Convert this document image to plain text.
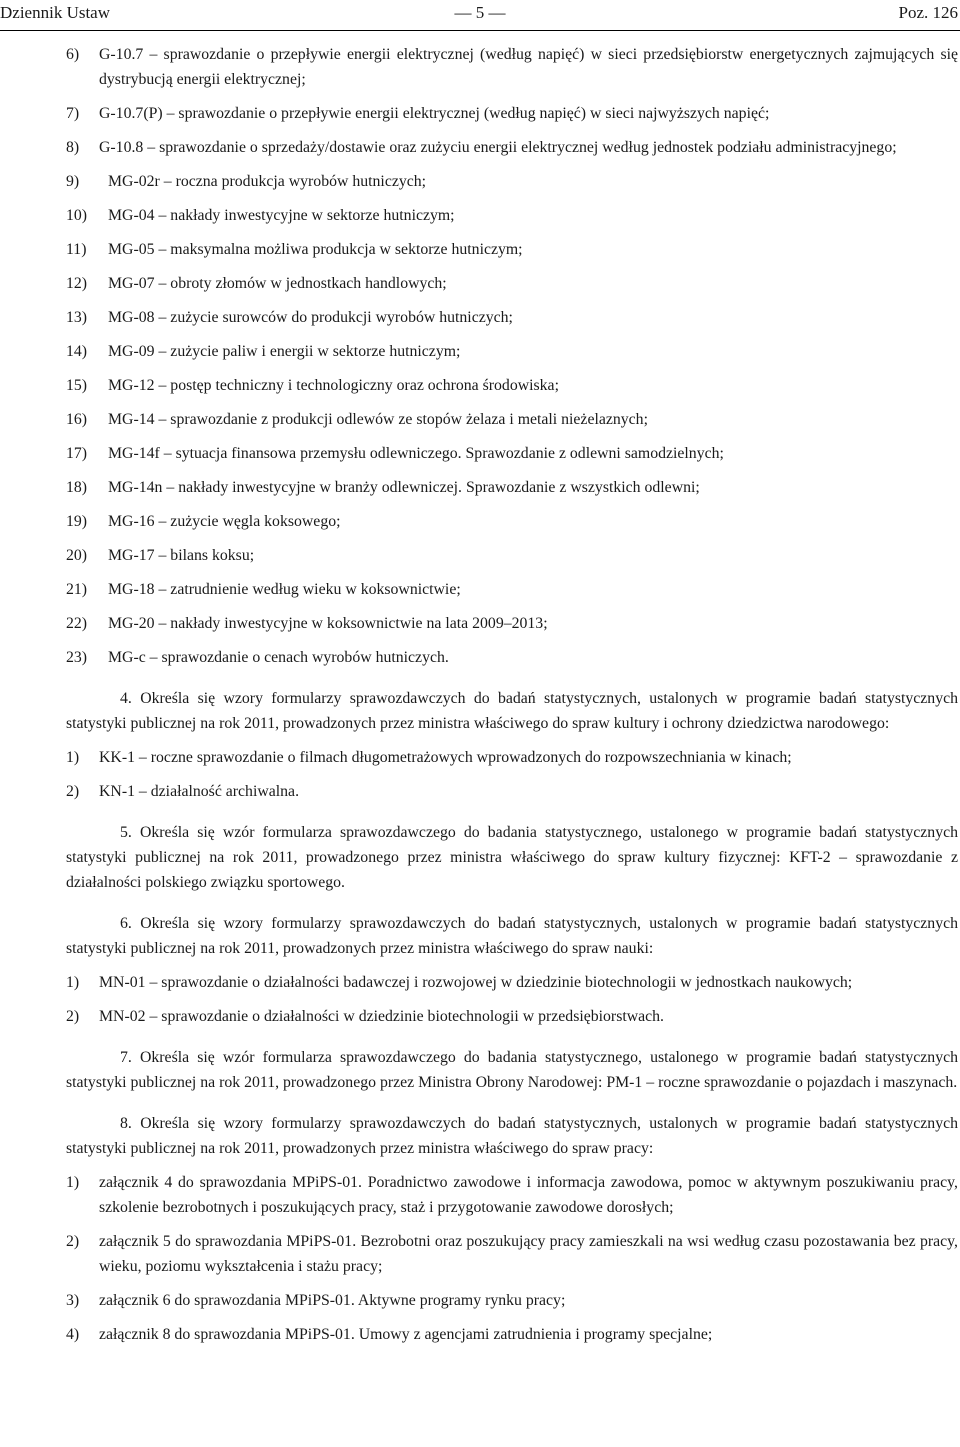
Dziennik Ustaw	— 5 —	Poz. 126
6) G-10.7 – sprawozdanie o przepływie energii elektrycznej (według napięć) w sieci przedsiębiorstw energetycznych zajmujących się dystrybucją energii elektrycznej;
7) G-10.7(P) – sprawozdanie o przepływie energii elektrycznej (według napięć) w sieci najwyższych napięć;
8) G-10.8 – sprawozdanie o sprzedaży/dostawie oraz zużyciu energii elektrycznej według jednostek podziału administracyjnego;
9) MG-02r – roczna produkcja wyrobów hutniczych;
10) MG-04 – nakłady inwestycyjne w sektorze hutniczym;
11) MG-05 – maksymalna możliwa produkcja w sektorze hutniczym;
12) MG-07 – obroty złomów w jednostkach handlowych;
13) MG-08 – zużycie surowców do produkcji wyrobów hutniczych;
14) MG-09 – zużycie paliw i energii w sektorze hutniczym;
15) MG-12 – postęp techniczny i technologiczny oraz ochrona środowiska;
16) MG-14 – sprawozdanie z produkcji odlewów ze stopów żelaza i metali nieżelaznych;
17) MG-14f – sytuacja finansowa przemysłu odlewniczego. Sprawozdanie z odlewni samodzielnych;
18) MG-14n – nakłady inwestycyjne w branży odlewniczej. Sprawozdanie z wszystkich odlewni;
19) MG-16 – zużycie węgla koksowego;
20) MG-17 – bilans koksu;
21) MG-18 – zatrudnienie według wieku w koksownictwie;
22) MG-20 – nakłady inwestycyjne w koksownictwie na lata 2009–2013;
23) MG-c – sprawozdanie o cenach wyrobów hutniczych.
4. Określa się wzory formularzy sprawozdawczych do badań statystycznych, ustalonych w programie badań statystycznych statystyki publicznej na rok 2011, prowadzonych przez ministra właściwego do spraw kultury i ochrony dziedzictwa narodowego:
1) KK-1 – roczne sprawozdanie o filmach długometrażowych wprowadzonych do rozpowszechniania w kinach;
2) KN-1 – działalność archiwalna.
5. Określa się wzór formularza sprawozdawczego do badania statystycznego, ustalonego w programie badań statystycznych statystyki publicznej na rok 2011, prowadzonego przez ministra właściwego do spraw kultury fizycznej: KFT-2 – sprawozdanie z działalności polskiego związku sportowego.
6. Określa się wzory formularzy sprawozdawczych do badań statystycznych, ustalonych w programie badań statystycznych statystyki publicznej na rok 2011, prowadzonych przez ministra właściwego do spraw nauki:
1) MN-01 – sprawozdanie o działalności badawczej i rozwojowej w dziedzinie biotechnologii w jednostkach naukowych;
2) MN-02 – sprawozdanie o działalności w dziedzinie biotechnologii w przedsiębiorstwach.
7. Określa się wzór formularza sprawozdawczego do badania statystycznego, ustalonego w programie badań statystycznych statystyki publicznej na rok 2011, prowadzonego przez Ministra Obrony Narodowej: PM-1 – roczne sprawozdanie o pojazdach i maszynach.
8. Określa się wzory formularzy sprawozdawczych do badań statystycznych, ustalonych w programie badań statystycznych statystyki publicznej na rok 2011, prowadzonych przez ministra właściwego do spraw pracy:
1) załącznik 4 do sprawozdania MPiPS-01. Poradnictwo zawodowe i informacja zawodowa, pomoc w aktywnym poszukiwaniu pracy, szkolenie bezrobotnych i poszukujących pracy, staż i przygotowanie zawodowe dorosłych;
2) załącznik 5 do sprawozdania MPiPS-01. Bezrobotni oraz poszukujący pracy zamieszkali na wsi według czasu pozostawania bez pracy, wieku, poziomu wykształcenia i stażu pracy;
3) załącznik 6 do sprawozdania MPiPS-01. Aktywne programy rynku pracy;
4) załącznik 8 do sprawozdania MPiPS-01. Umowy z agencjami zatrudnienia i programy specjalne;
